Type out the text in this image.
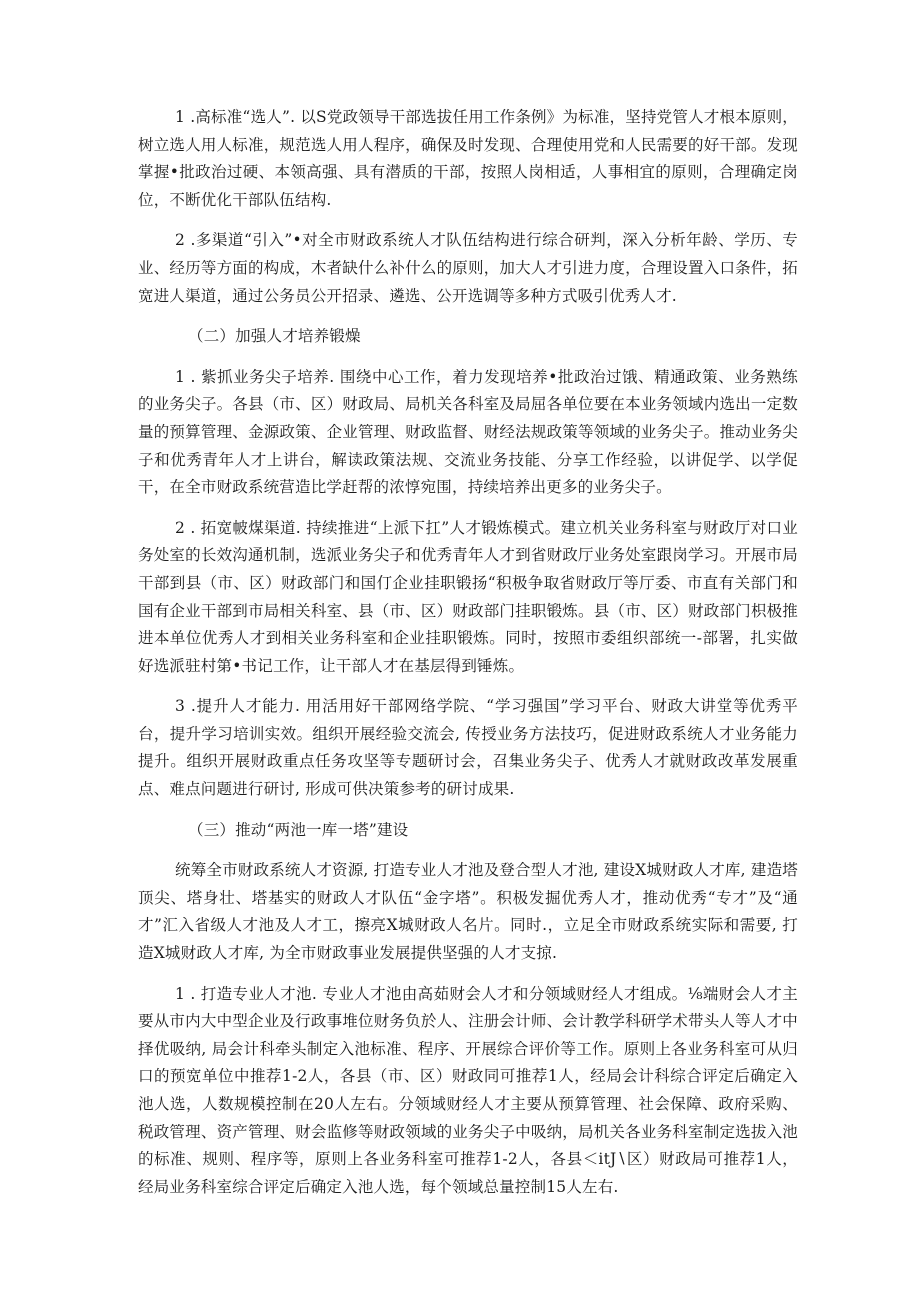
1 .高标准“选人”. 以S党政领导干部选拔任用工作条例》为标准，坚持党管人才根本原则，树立选人用人标准，规范选人用人程序，确保及时发现、合理使用党和人民需要的好干部。发现掌握•批政治过硬、本领高强、具有潜质的干部，按照人岗相适，人事相宜的原则，合理确定岗位，不断优化干部队伍结构.

2 .多渠道“引入”•对全市财政系统人才队伍结构进行综合研判，深入分析年龄、学历、专业、经历等方面的构成，木者缺什么补什么的原则，加大人才引进力度，合理设置入口条件，拓宽进人渠道，通过公务员公开招录、遴选、公开选调等多种方式吸引优秀人才.

（二）加强人才培养锻燥

1 . 紫抓业务尖子培养. 围绕中心工作，着力发现培养•批政治过饿、精通政策、业务熟练的业务尖子。各县（市、区）财政局、局机关各科室及局屈各单位要在本业务领域内选出一定数量的预算管理、金源政策、企业管理、财政监督、财经法规政策等领域的业务尖子。推动业务尖子和优秀青年人才上讲台，解读政策法规、交流业务技能、分享工作经验，以讲促学、以学促干，在全市财政系统营造比学赶帮的浓惇宛围，持续培养出更多的业务尖子。

2 . 拓宽帔煤渠道. 持续推进“上派下扛”人才锻炼模式。建立机关业务科室与财政厅对口业务处室的长效沟通机制，选派业务尖子和优秀青年人才到省财政厅业务处室跟岗学习。开展市局干部到县（市、区）财政部门和国仃企业挂职锻扬“积极争取省财政厅等厅委、市直有关部门和国有企业干部到市局相关科室、县（市、区）财政部门挂职锻炼。县（市、区）财政部门枳极推进本单位优秀人才到相关业务科室和企业挂职锻炼。同时，按照市委组织部统一-部署，扎实做好选派驻村第•书记工作，让干部人才在基层得到锤炼。

3 .提升人才能力. 用活用好干部网络学院、“学习强国”学习平台、财政大讲堂等优秀平台，提升学习培训实效。组织开展经验交流会, 传授业务方法技巧，促进财政系统人才业务能力提升。组织开展财政重点任务攻坚等专题研讨会，召集业务尖子、优秀人才就财政改革发展重点、难点问题进行研讨, 形成可供决策参考的研讨成果.

（三）推动“两池一库一塔”建设

统筹全市财政系统人才资源, 打造专业人才池及登合型人才池, 建设X城财政人才库, 建造塔顶尖、塔身壮、塔基实的财政人才队伍“金字塔”。积极发掘优秀人才，推动优秀“专才”及“通才”汇入省级人才池及人才工，擦亮X城财政人名片。同时.，立足全市财政系统实际和需要, 打造X城财政人才库, 为全市财政事业发展提供坚强的人才支掠.

1 . 打造专业人才池. 专业人才池由高茹财会人才和分领域财经人才组成。⅛端财会人才主要从市内大中型企业及行政事堆位财务负於人、注册会计师、会计教学科研学术带头人等人才中择优吸纳, 局会计科牵头制定入池标准、程序、开展综合评价等工作。原则上各业务科室可从归口的预宽单位中推荐1-2人，各县（市、区）财政同可推荐1人，经局会计科综合评定后确定入池人选，人数规模控制在20人左右。分领域财经人才主要从预算管理、社会保障、政府采购、税政管理、资产管理、财会监修等财政领域的业务尖子中吸纳，局机关各业务科室制定选拔入池的标准、规则、程序等，原则上各业务科室可推荐1-2人，各县＜itJ∖区）财政局可推荐1人，经局业务科室综合评定后确定入池人选，每个领域总量控制15人左右.
